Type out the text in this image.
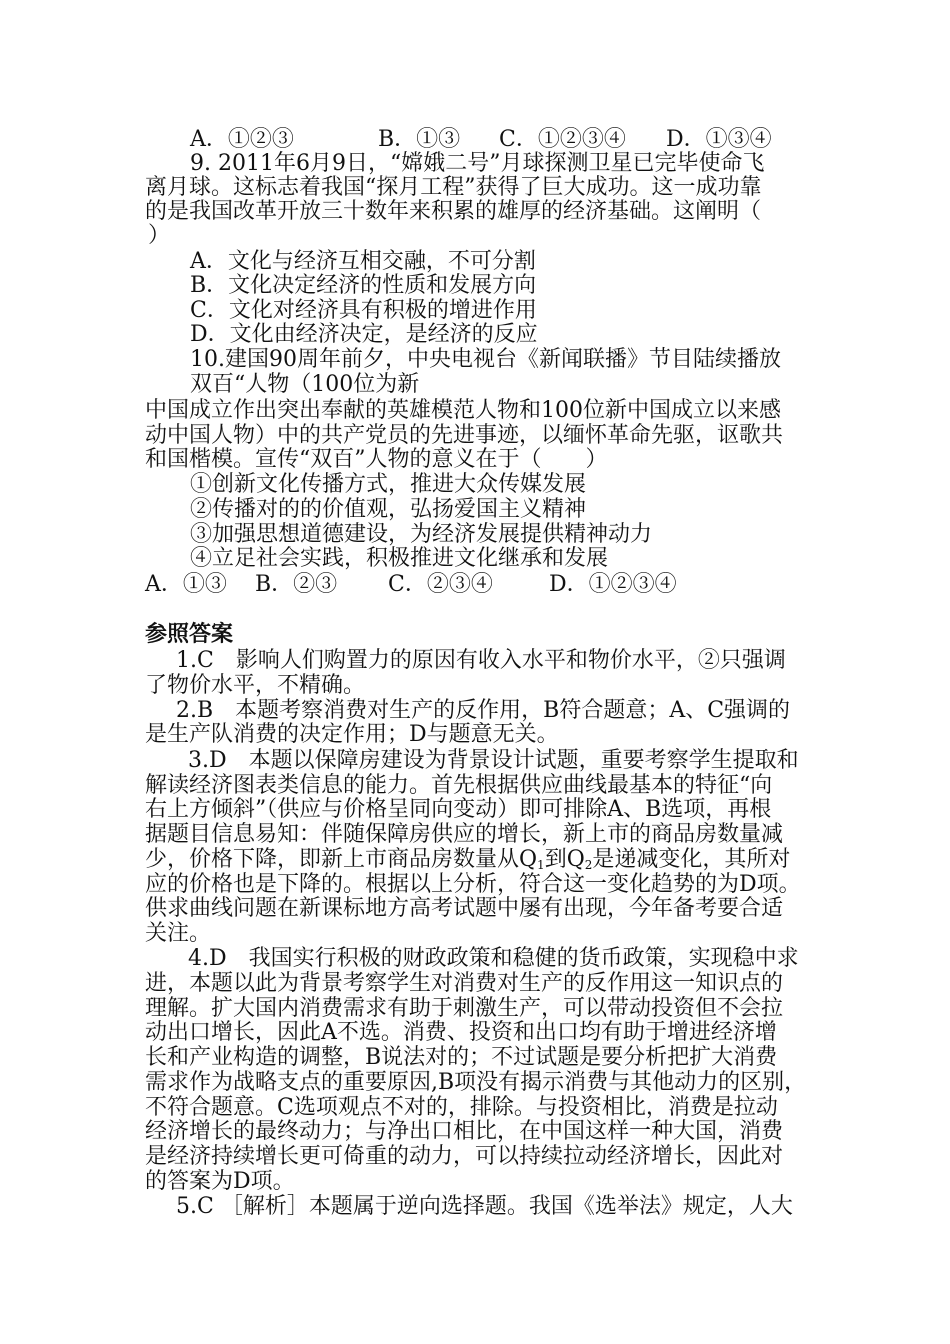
A．①②③	B．①③ C．①②③④ D．①③④
9. 2011年6月9日，“嫦娥二号”月球探测卫星已完毕使命飞
离月球。这标志着我国“探月工程”获得了巨大成功。这一成功靠
的是我国改革开放三十数年来积累的雄厚的经济基础。这阐明（
）
A．文化与经济互相交融，不可分割
B．文化决定经济的性质和发展方向
C．文化对经济具有积极的增进作用
D．文化由经济决定，是经济的反应
10.建国90周年前夕，中央电视台《新闻联播》节目陆续播放
双百“人物（100位为新
中国成立作出突出奉献的英雄模范人物和100位新中国成立以来感
动中国人物）中的共产党员的先进事迹，以缅怀革命先驱，讴歌共
和国楷模。宣传“双百”人物的意义在于（　　）
①创新文化传播方式，推进大众传媒发展
②传播对的的价值观，弘扬爱国主义精神
③加强思想道德建设，为经济发展提供精神动力
④立足社会实践，积极推进文化继承和发展
A．①③ B．②③ C．②③④	D．①②③④
参照答案
1.C　影响人们购置力的原因有收入水平和物价水平，②只强调
了物价水平，不精确。
2.B　本题考察消费对生产的反作用，B符合题意；A、C强调的
是生产队消费的决定作用；D与题意无关。
3.D　本题以保障房建设为背景设计试题，重要考察学生提取和
解读经济图表类信息的能力。首先根据供应曲线最基本的特征“向
右上方倾斜”（供应与价格呈同向变动）即可排除A、B选项，再根
据题目信息易知：伴随保障房供应的增长，新上市的商品房数量减
少，价格下降，即新上市商品房数量从$Q_1$到$Q_2$是递减变化，其所对
应的价格也是下降的。根据以上分析，符合这一变化趋势的为D项。
供求曲线问题在新课标地方高考试题中屡有出现，今年备考要合适
关注。
4.D　我国实行积极的财政政策和稳健的货币政策，实现稳中求
进，本题以此为背景考察学生对消费对生产的反作用这一知识点的
理解。扩大国内消费需求有助于刺激生产，可以带动投资但不会拉
动出口增长，因此A不选。消费、投资和出口均有助于增进经济增
长和产业构造的调整，B说法对的；不过试题是要分析把扩大消费
需求作为战略支点的重要原因,B项没有揭示消费与其他动力的区别，
不符合题意。C选项观点不对的，排除。与投资相比，消费是拉动
经济增长的最终动力；与净出口相比，在中国这样一种大国，消费
是经济持续增长更可倚重的动力，可以持续拉动经济增长，因此对
的答案为D项。
5.C ［解析］本题属于逆向选择题。我国《选举法》规定，人大
